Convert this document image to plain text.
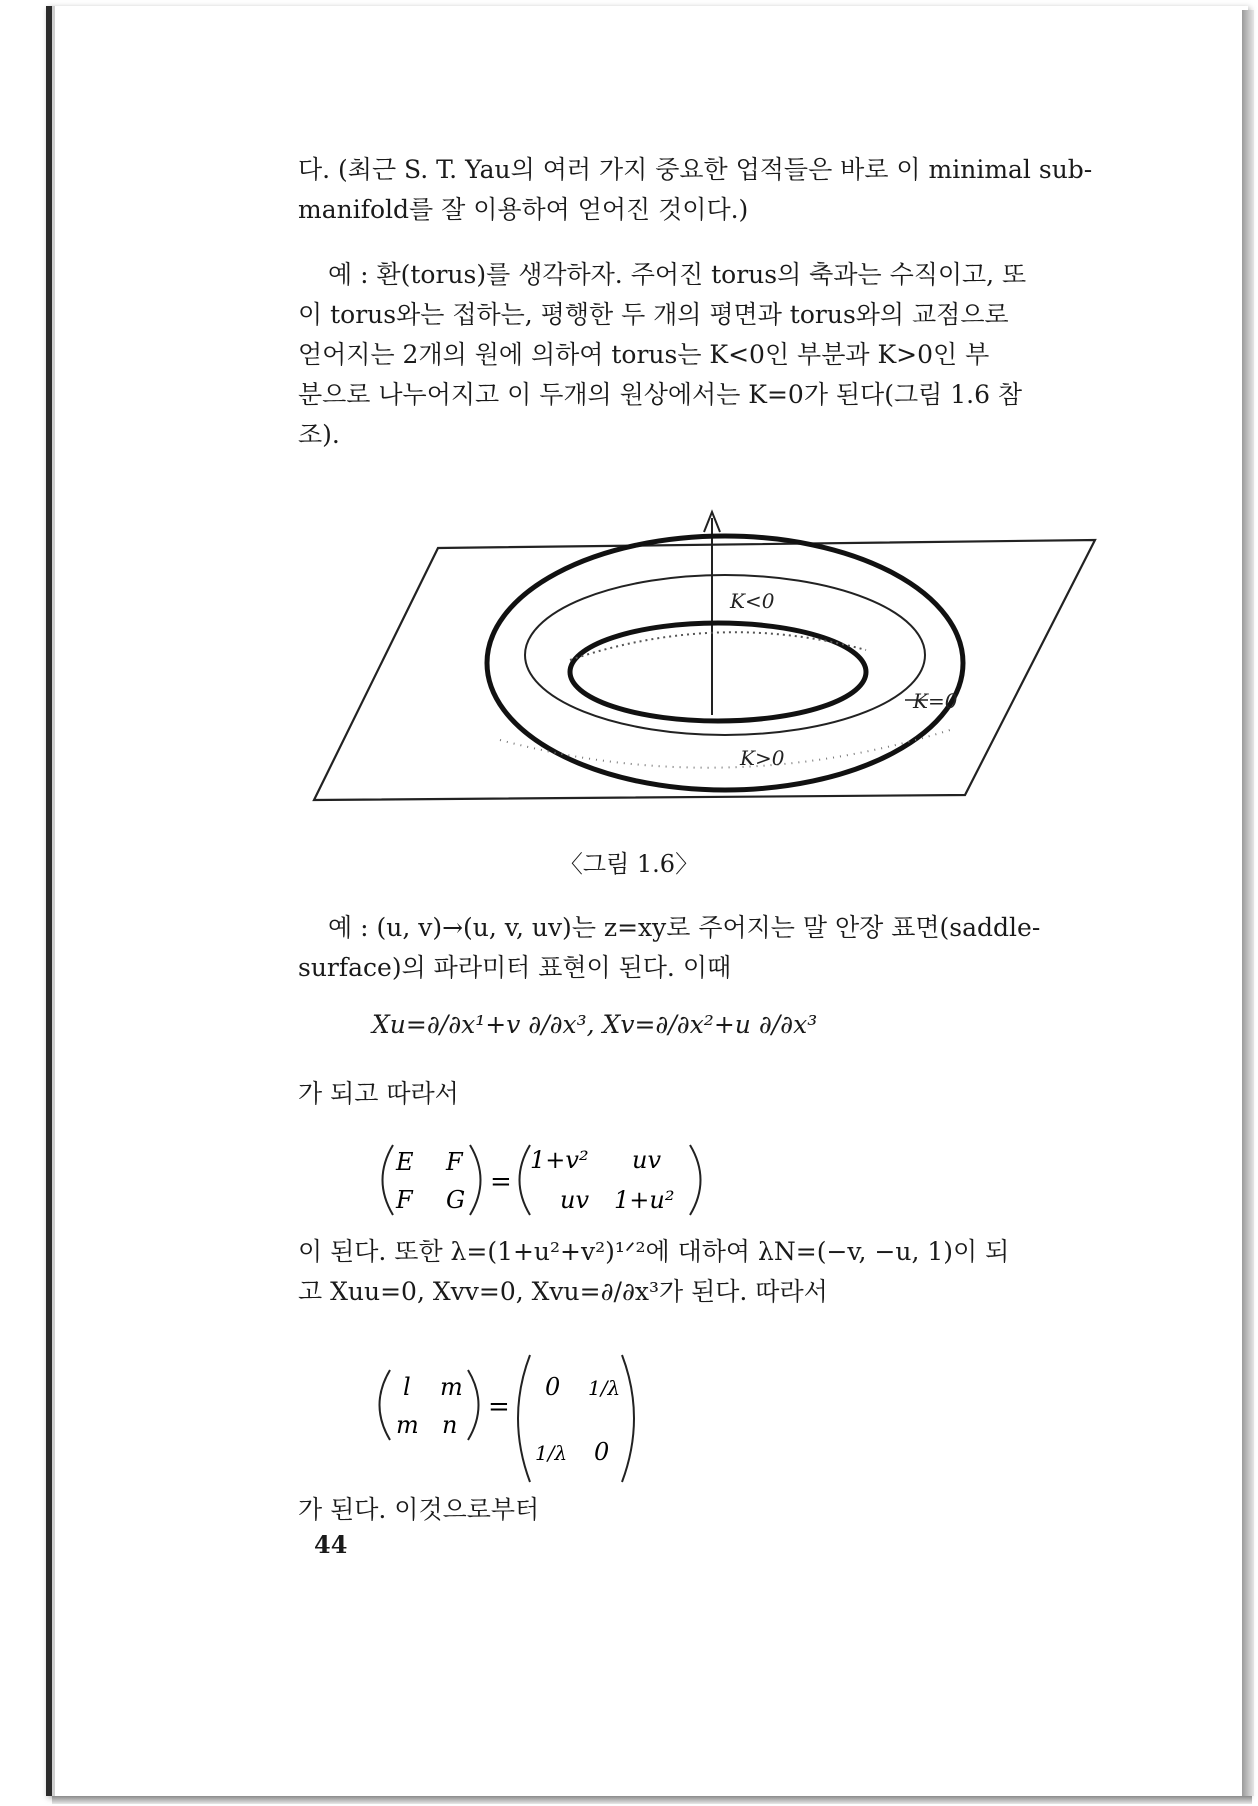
다. (최근 S. T. Yau의 여러 가지 중요한 업적들은 바로 이 minimal sub-

manifold를 잘 이용하여 얻어진 것이다.)

예 : 환(torus)를 생각하자. 주어진 torus의 축과는 수직이고, 또

이 torus와는 접하는, 평행한 두 개의 평면과 torus와의 교점으로

얻어지는 2개의 원에 의하여 torus는 K<0인 부분과 K>0인 부

분으로 나누어지고 이 두개의 원상에서는 K=0가 된다(그림 1.6 참

조).

K<0
K=0
K>0
〈그림 1.6〉

예 : (u, v)→(u, v, uv)는 z=xy로 주어지는 말 안장 표면(saddle-

surface)의 파라미터 표현이 된다. 이때

Xu=∂/∂x¹+v ∂/∂x³, Xv=∂/∂x²+u ∂/∂x³
가 되고 따라서
E F
F G
=
1+v² uv
uv 1+u²

이 된다. 또한 λ=(1+u²+v²)¹ᐟ²에 대하여 λN=(−v, −u, 1)이 되

고 Xuu=0, Xvv=0, Xvu=∂/∂x³가 된다. 따라서

l m
m n
=
0 1/λ
1/λ 0
가 된다. 이것으로부터
44
